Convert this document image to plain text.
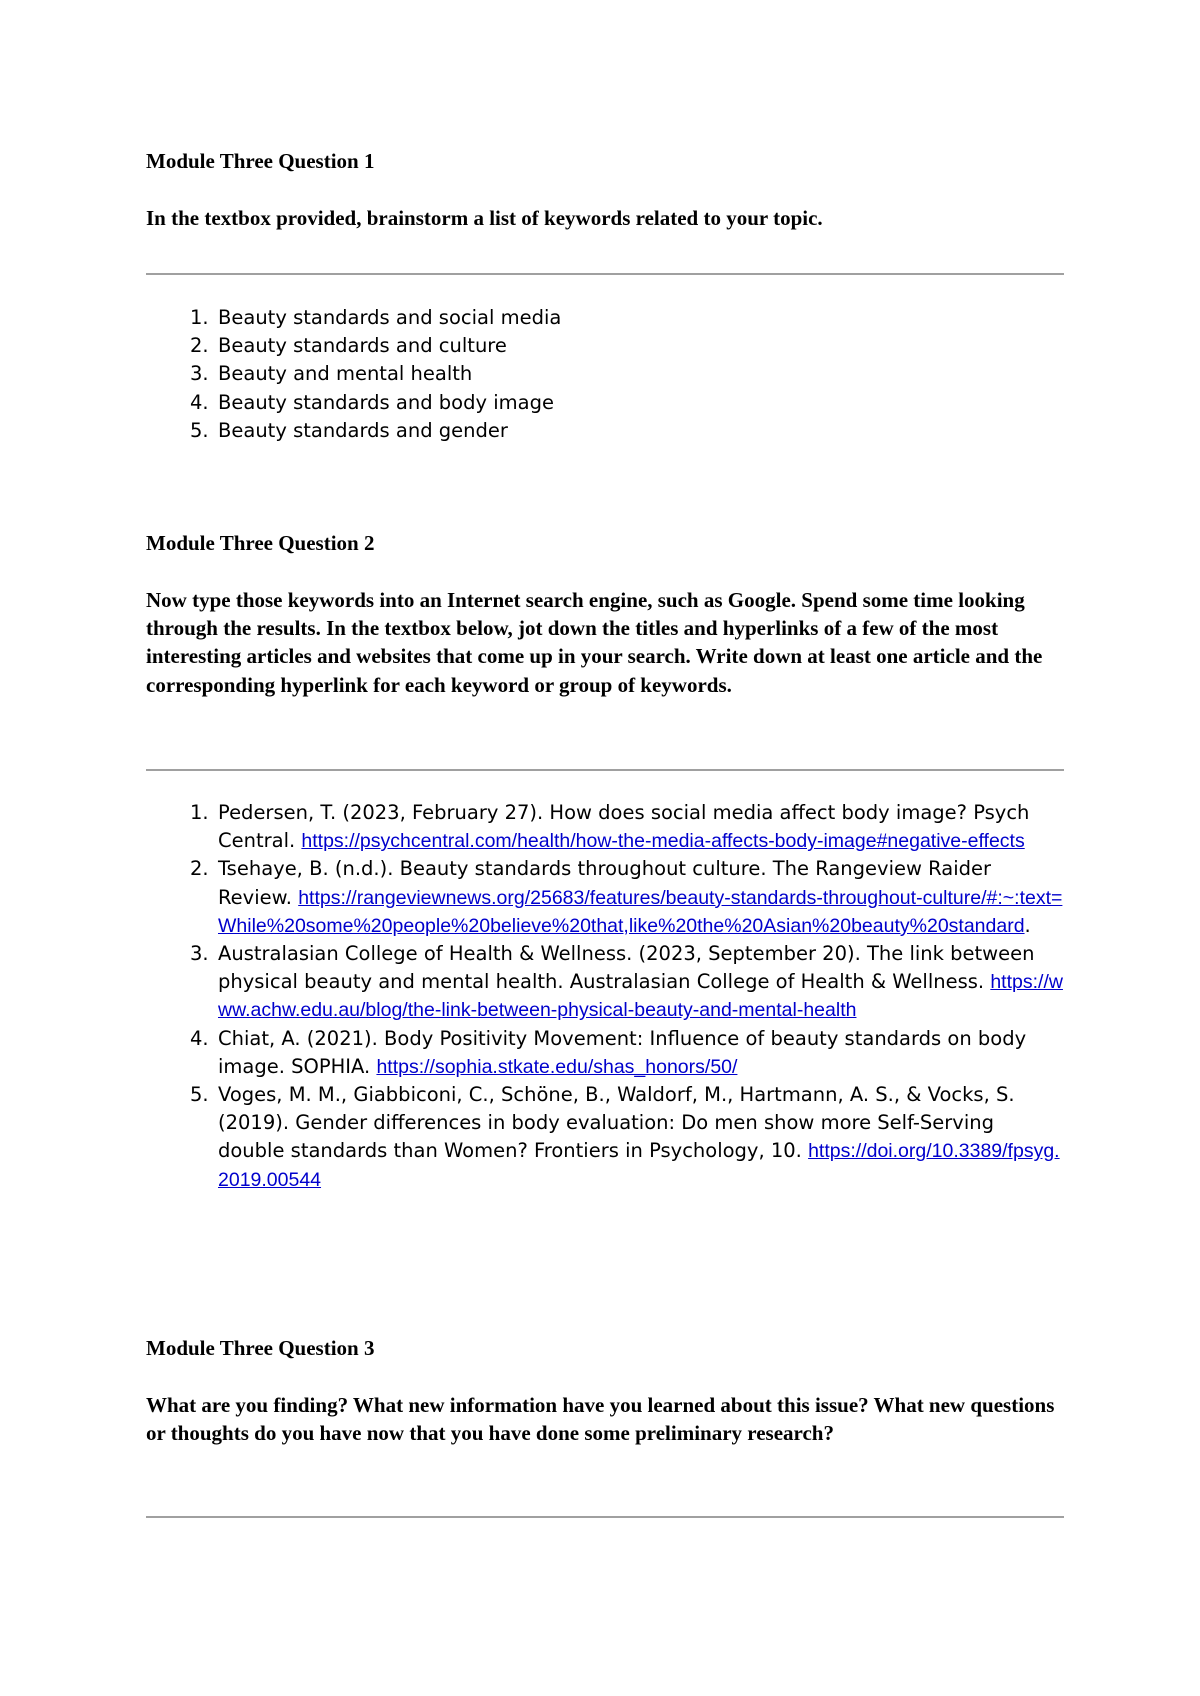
Module Three Question 1
In the textbox provided, brainstorm a list of keywords related to your topic.
1. Beauty standards and social media
2. Beauty standards and culture
3. Beauty and mental health
4. Beauty standards and body image
5. Beauty standards and gender
Module Three Question 2
Now type those keywords into an Internet search engine, such as Google. Spend some time looking through the results. In the textbox below, jot down the titles and hyperlinks of a few of the most interesting articles and websites that come up in your search. Write down at least one article and the corresponding hyperlink for each keyword or group of keywords.
1. Pedersen, T. (2023, February 27). How does social media affect body image? Psych Central. https://psychcentral.com/health/how-the-media-affects-body-image#negative-effects
2. Tsehaye, B. (n.d.). Beauty standards throughout culture. The Rangeview Raider Review. https://rangeviewnews.org/25683/features/beauty-standards-throughout-culture/#:~:text=While%20some%20people%20believe%20that,like%20the%20Asian%20beauty%20standard.
3. Australasian College of Health & Wellness. (2023, September 20). The link between physical beauty and mental health. Australasian College of Health & Wellness. https://www.achw.edu.au/blog/the-link-between-physical-beauty-and-mental-health
4. Chiat, A. (2021). Body Positivity Movement: Influence of beauty standards on body image. SOPHIA. https://sophia.stkate.edu/shas_honors/50/
5. Voges, M. M., Giabbiconi, C., Schöne, B., Waldorf, M., Hartmann, A. S., & Vocks, S. (2019). Gender differences in body evaluation: Do men show more Self-Serving double standards than Women? Frontiers in Psychology, 10. https://doi.org/10.3389/fpsyg.2019.00544
Module Three Question 3
What are you finding? What new information have you learned about this issue? What new questions or thoughts do you have now that you have done some preliminary research?
